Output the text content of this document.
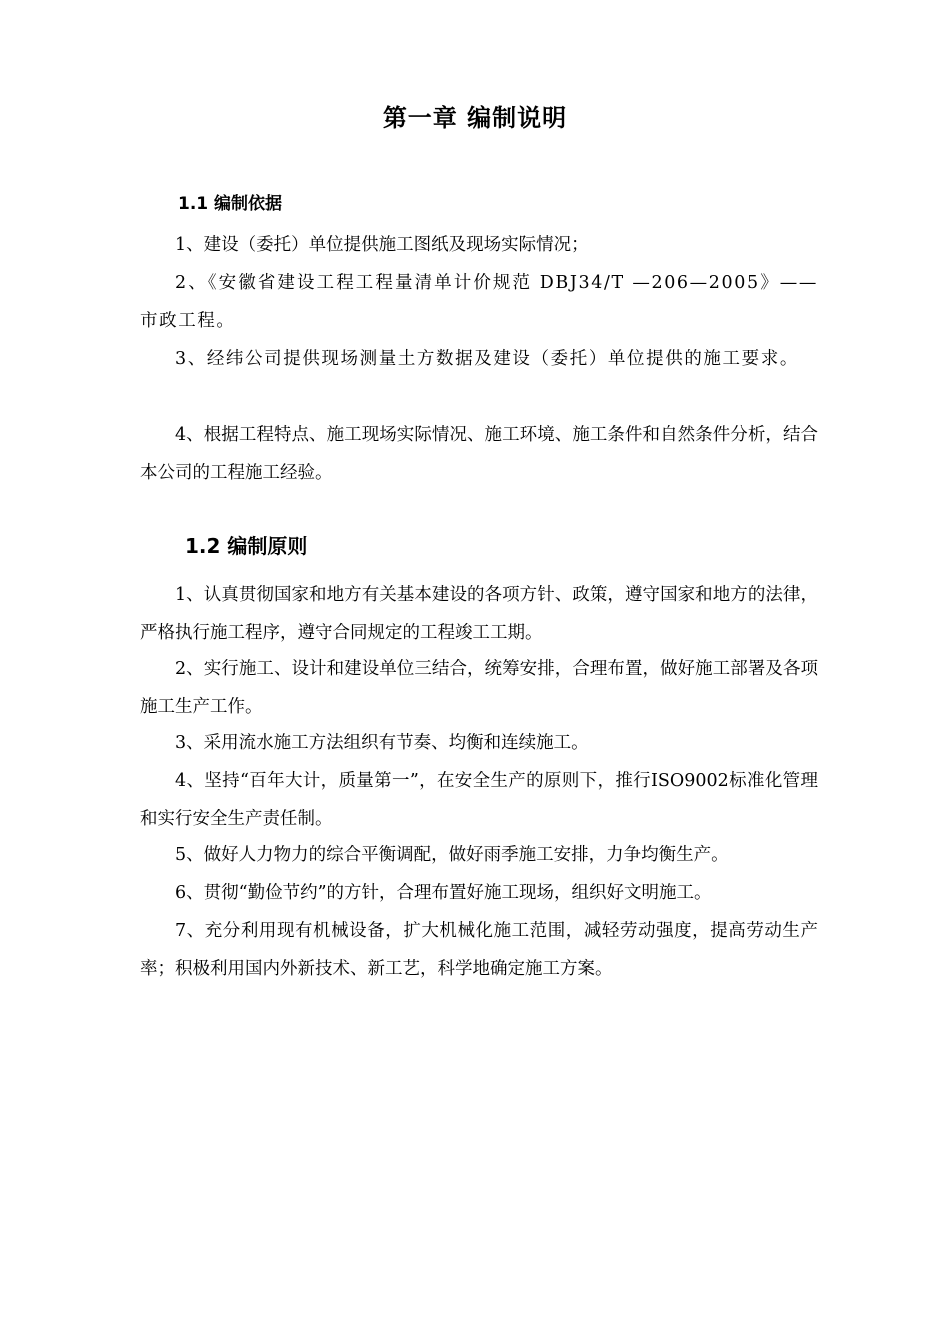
第一章 编制说明
1.1 编制依据

1、建设（委托）单位提供施工图纸及现场实际情况；

2、《安徽省建设工程工程量清单计价规范 DBJ34/T —206—2005》——市政工程。

3、经纬公司提供现场测量土方数据及建设（委托）单位提供的施工要求。

4、根据工程特点、施工现场实际情况、施工环境、施工条件和自然条件分析，结合本公司的工程施工经验。

1.2 编制原则

1、认真贯彻国家和地方有关基本建设的各项方针、政策，遵守国家和地方的法律，严格执行施工程序，遵守合同规定的工程竣工工期。

2、实行施工、设计和建设单位三结合，统筹安排，合理布置，做好施工部署及各项施工生产工作。

3、采用流水施工方法组织有节奏、均衡和连续施工。

4、坚持“百年大计，质量第一”，在安全生产的原则下，推行ISO9002标准化管理和实行安全生产责任制。

5、做好人力物力的综合平衡调配，做好雨季施工安排，力争均衡生产。

6、贯彻“勤俭节约”的方针，合理布置好施工现场，组织好文明施工。

7、充分利用现有机械设备，扩大机械化施工范围，减轻劳动强度，提高劳动生产率；积极利用国内外新技术、新工艺，科学地确定施工方案。
